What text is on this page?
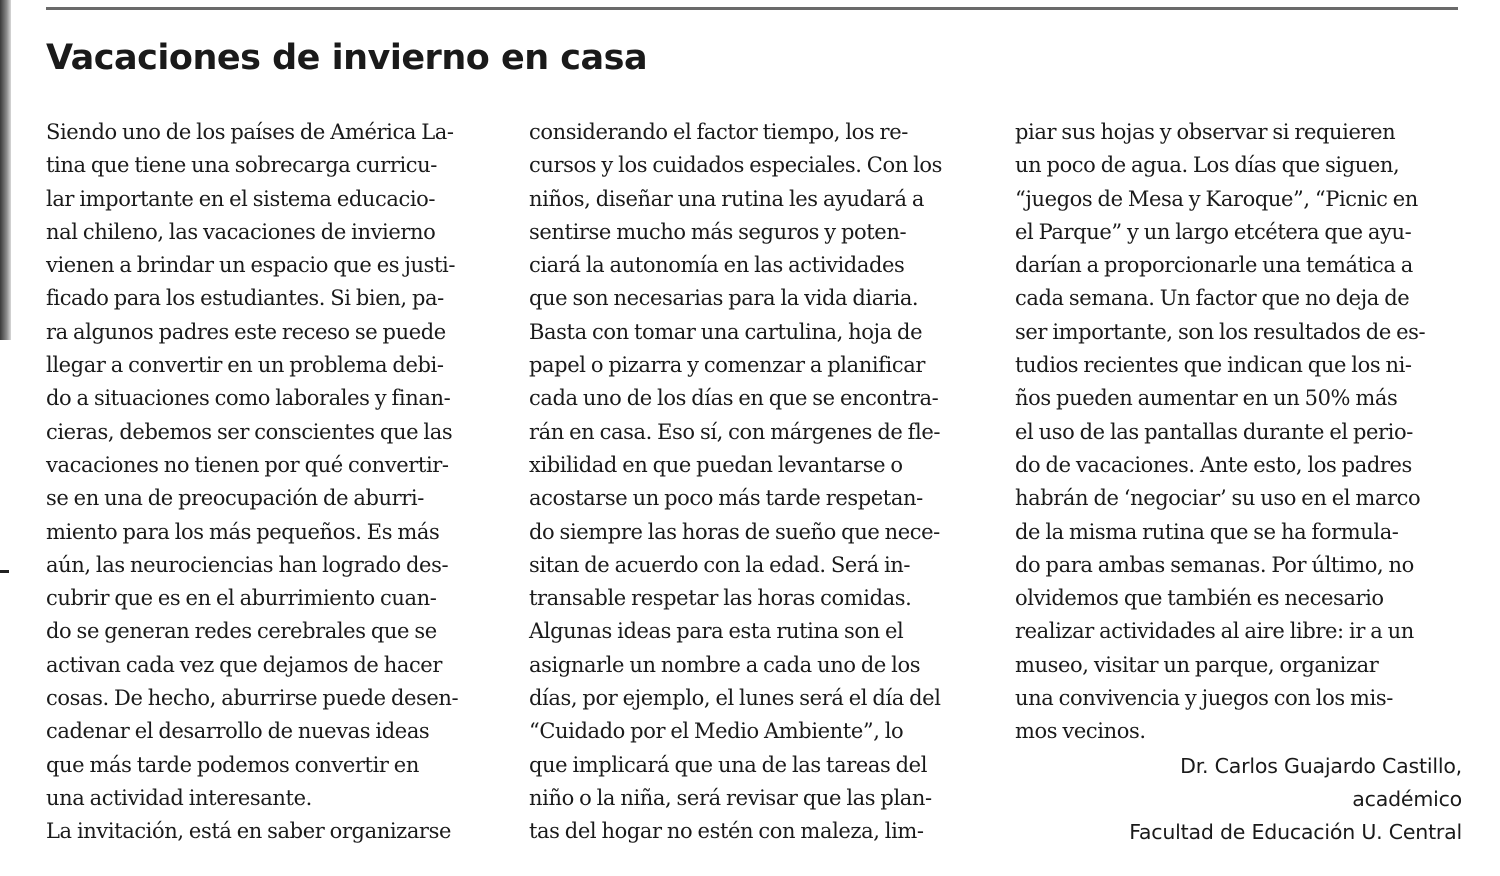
Vacaciones de invierno en casa
Siendo uno de los países de América La-
tina que tiene una sobrecarga curricu-
lar importante en el sistema educacio-
nal chileno, las vacaciones de invierno
vienen a brindar un espacio que es justi-
ficado para los estudiantes. Si bien, pa-
ra algunos padres este receso se puede
llegar a convertir en un problema debi-
do a situaciones como laborales y finan-
cieras, debemos ser conscientes que las
vacaciones no tienen por qué convertir-
se en una de preocupación de aburri-
miento para los más pequeños. Es más
aún, las neurociencias han logrado des-
cubrir que es en el aburrimiento cuan-
do se generan redes cerebrales que se
activan cada vez que dejamos de hacer
cosas. De hecho, aburrirse puede desen-
cadenar el desarrollo de nuevas ideas
que más tarde podemos convertir en
una actividad interesante.
La invitación, está en saber organizarse
considerando el factor tiempo, los re-
cursos y los cuidados especiales. Con los
niños, diseñar una rutina les ayudará a
sentirse mucho más seguros y poten-
ciará la autonomía en las actividades
que son necesarias para la vida diaria.
Basta con tomar una cartulina, hoja de
papel o pizarra y comenzar a planificar
cada uno de los días en que se encontra-
rán en casa. Eso sí, con márgenes de fle-
xibilidad en que puedan levantarse o
acostarse un poco más tarde respetan-
do siempre las horas de sueño que nece-
sitan de acuerdo con la edad. Será in-
transable respetar las horas comidas.
Algunas ideas para esta rutina son el
asignarle un nombre a cada uno de los
días, por ejemplo, el lunes será el día del
“Cuidado por el Medio Ambiente”, lo
que implicará que una de las tareas del
niño o la niña, será revisar que las plan-
tas del hogar no estén con maleza, lim-
piar sus hojas y observar si requieren
un poco de agua. Los días que siguen,
“juegos de Mesa y Karoque”, “Picnic en
el Parque” y un largo etcétera que ayu-
darían a proporcionarle una temática a
cada semana. Un factor que no deja de
ser importante, son los resultados de es-
tudios recientes que indican que los ni-
ños pueden aumentar en un 50% más
el uso de las pantallas durante el perio-
do de vacaciones. Ante esto, los padres
habrán de ‘negociar’ su uso en el marco
de la misma rutina que se ha formula-
do para ambas semanas. Por último, no
olvidemos que también es necesario
realizar actividades al aire libre: ir a un
museo, visitar un parque, organizar
una convivencia y juegos con los mis-
mos vecinos.
Dr. Carlos Guajardo Castillo,
académico
Facultad de Educación U. Central
